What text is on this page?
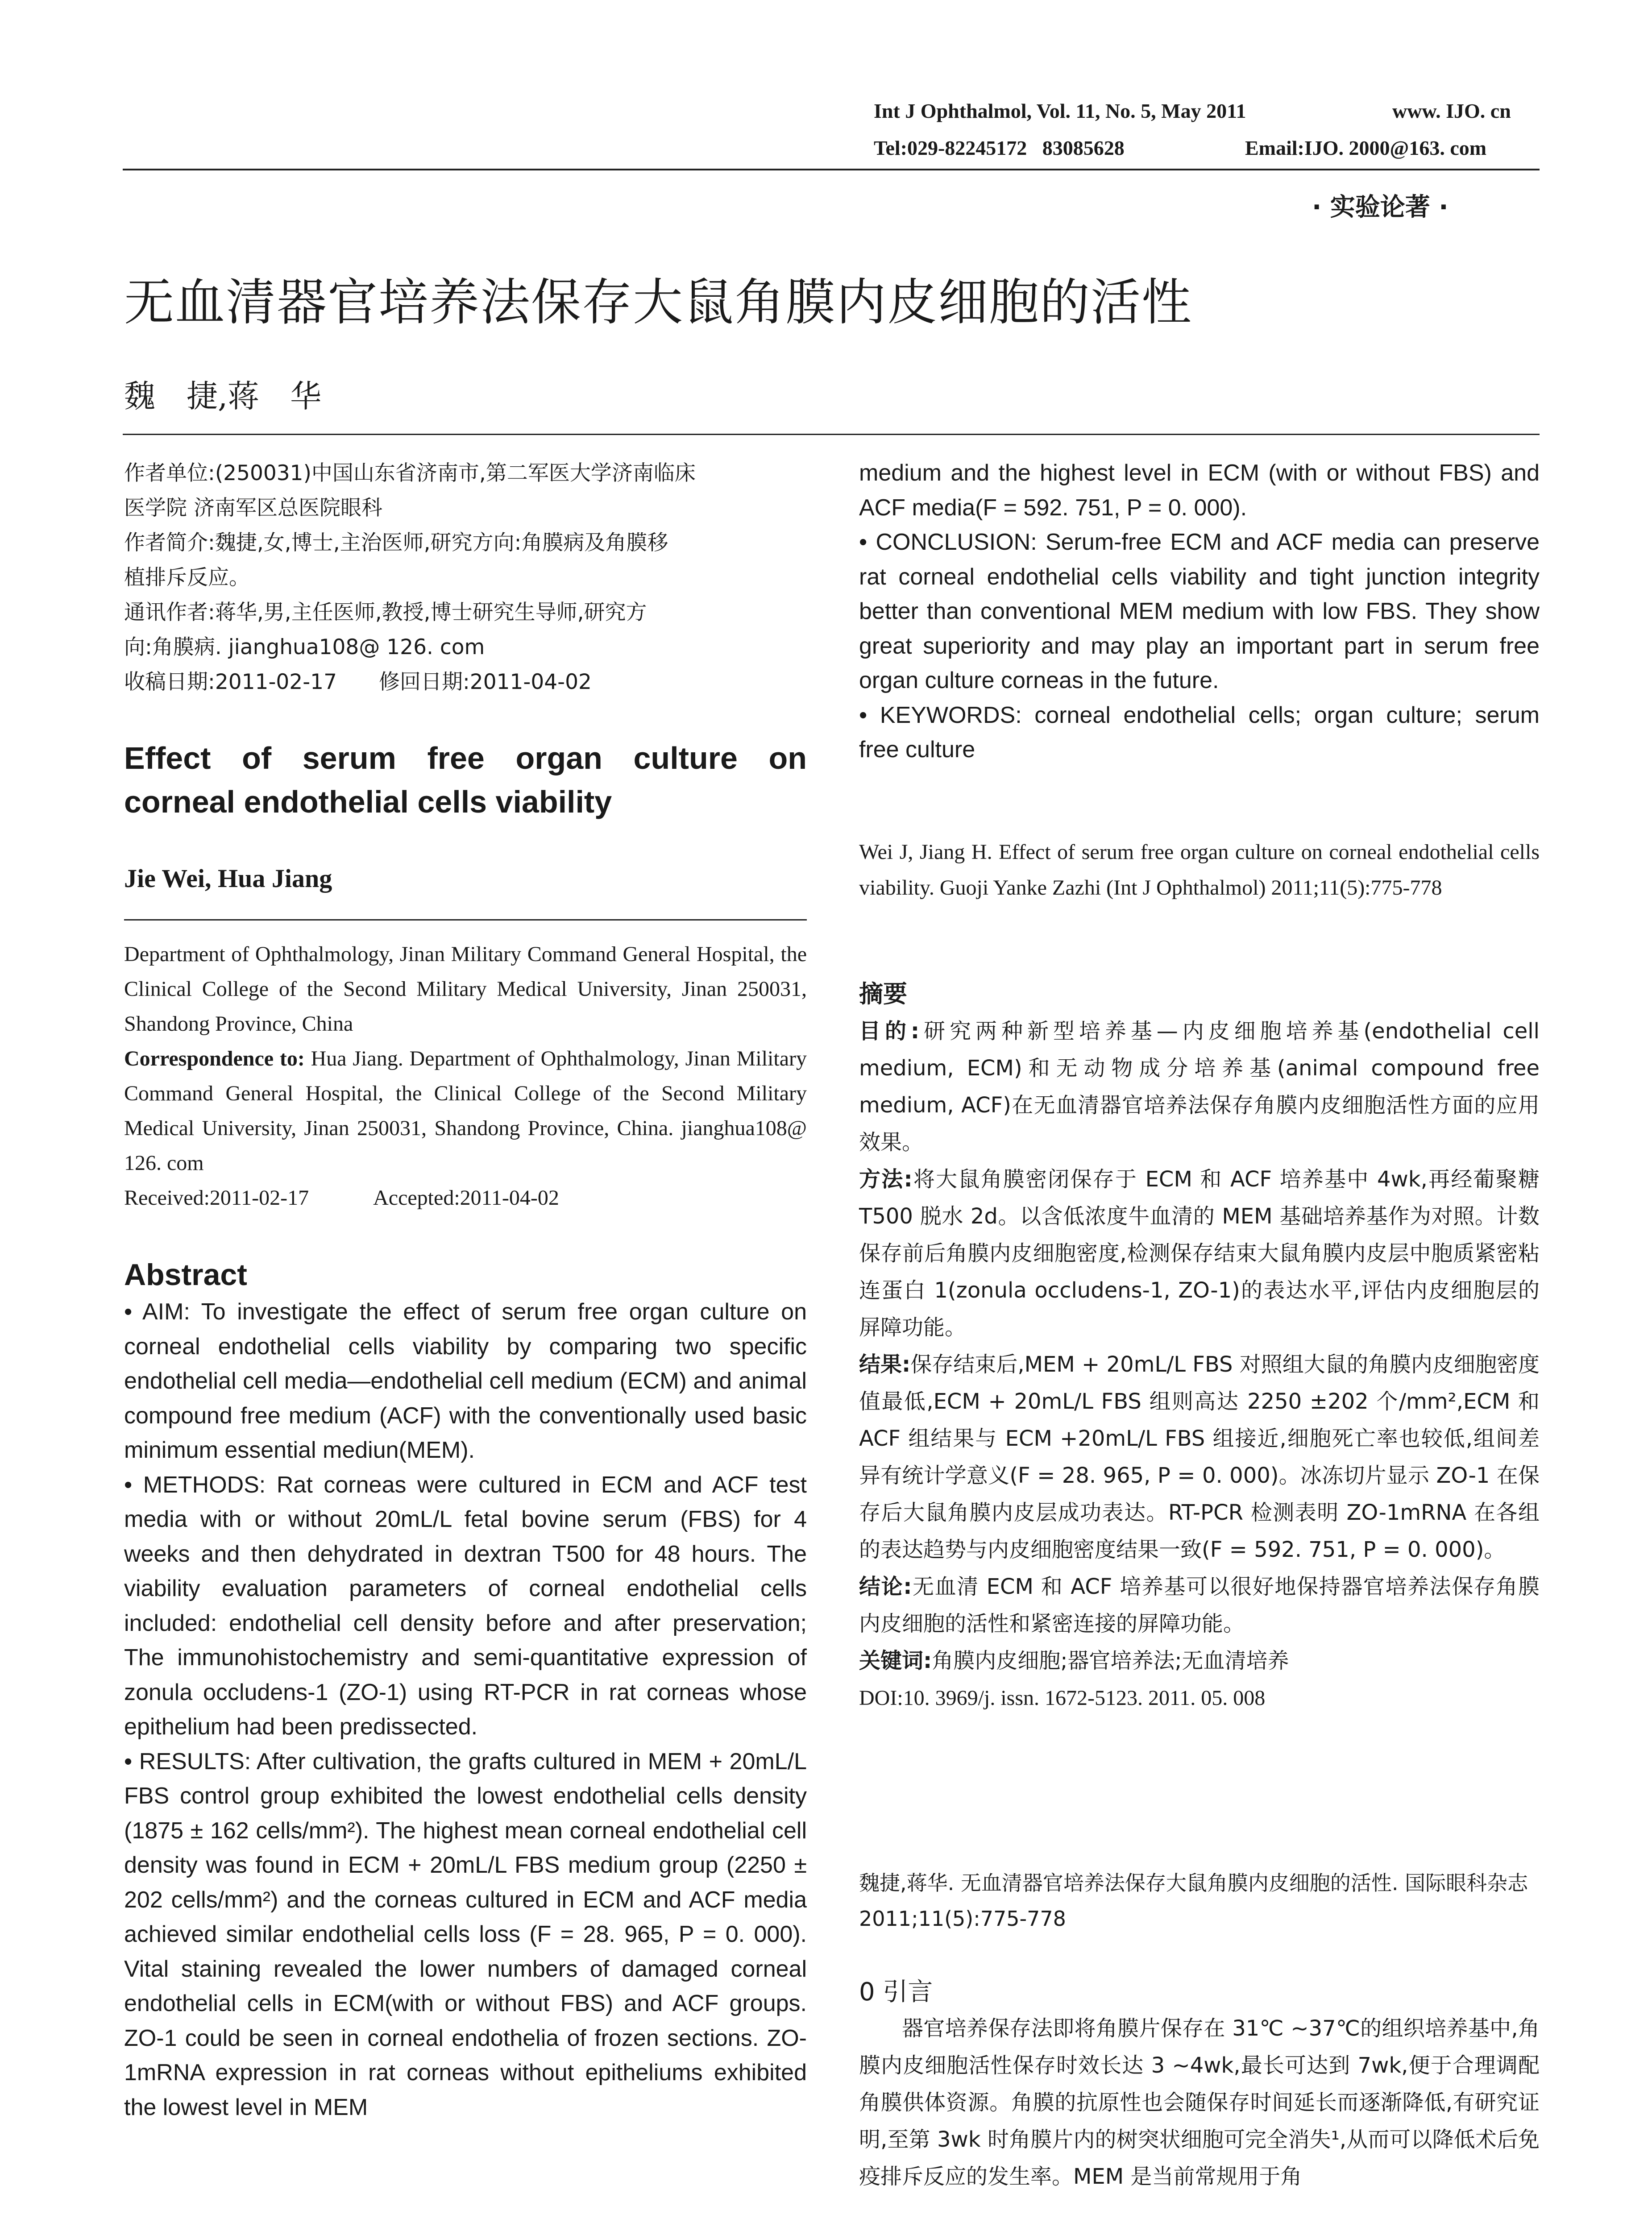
Int J Ophthalmol, Vol. 11, No. 5, May 2011	www. IJO. cn
Tel:029-82245172   83085628	Email:IJO. 2000@163. com
· 实验论著 ·
无血清器官培养法保存大鼠角膜内皮细胞的活性
魏　捷,蒋　华

作者单位:(250031)中国山东省济南市,第二军医大学济南临床

医学院 济南军区总医院眼科

作者简介:魏捷,女,博士,主治医师,研究方向:角膜病及角膜移

植排斥反应。

通讯作者:蒋华,男,主任医师,教授,博士研究生导师,研究方

向:角膜病. jianghua108@ 126. com

收稿日期:2011-02-17　　修回日期:2011-04-02

Effect of serum free organ culture on

corneal endothelial cells viability

Jie Wei, Hua Jiang

Department of Ophthalmology, Jinan Military Command General Hospital, the Clinical College of the Second Military Medical University, Jinan 250031, Shandong Province, China

Correspondence to: Hua Jiang. Department of Ophthalmology, Jinan Military Command General Hospital, the Clinical College of the Second Military Medical University, Jinan 250031, Shandong Province, China. jianghua108@ 126. com

Received:2011-02-17　　　Accepted:2011-04-02

Abstract

• AIM: To investigate the effect of serum free organ culture on corneal endothelial cells viability by comparing two specific endothelial cell media—endothelial cell medium (ECM) and animal compound free medium (ACF) with the conventionally used basic minimum essential mediun(MEM).

• METHODS: Rat corneas were cultured in ECM and ACF test media with or without 20mL/L fetal bovine serum (FBS) for 4 weeks and then dehydrated in dextran T500 for 48 hours. The viability evaluation parameters of corneal endothelial cells included: endothelial cell density before and after preservation; The immunohistochemistry and semi-quantitative expression of zonula occludens-1 (ZO-1) using RT-PCR in rat corneas whose epithelium had been predissected.

• RESULTS: After cultivation, the grafts cultured in MEM + 20mL/L FBS control group exhibited the lowest endothelial cells density (1875 ± 162 cells/mm²). The highest mean corneal endothelial cell density was found in ECM + 20mL/L FBS medium group (2250 ± 202 cells/mm²) and the corneas cultured in ECM and ACF media achieved similar endothelial cells loss (F = 28. 965, P = 0. 000). Vital staining revealed the lower numbers of damaged corneal endothelial cells in ECM(with or without FBS) and ACF groups. ZO-1 could be seen in corneal endothelia of frozen sections. ZO-1mRNA expression in rat corneas without epitheliums exhibited the lowest level in MEM

medium and the highest level in ECM (with or without FBS) and ACF media(F = 592. 751, P = 0. 000).

• CONCLUSION: Serum-free ECM and ACF media can preserve rat corneal endothelial cells viability and tight junction integrity better than conventional MEM medium with low FBS. They show great superiority and may play an important part in serum free organ culture corneas in the future.

• KEYWORDS: corneal endothelial cells; organ culture; serum free culture

Wei J, Jiang H. Effect of serum free organ culture on corneal endothelial cells viability. Guoji Yanke Zazhi (Int J Ophthalmol) 2011;11(5):775-778
摘要

目的:研究两种新型培养基—内皮细胞培养基(endothelial cell medium, ECM)和无动物成分培养基(animal compound free medium, ACF)在无血清器官培养法保存角膜内皮细胞活性方面的应用效果。

方法:将大鼠角膜密闭保存于 ECM 和 ACF 培养基中 4wk,再经葡聚糖 T500 脱水 2d。以含低浓度牛血清的 MEM 基础培养基作为对照。计数保存前后角膜内皮细胞密度,检测保存结束大鼠角膜内皮层中胞质紧密粘连蛋白 1(zonula occludens-1, ZO-1)的表达水平,评估内皮细胞层的屏障功能。

结果:保存结束后,MEM + 20mL/L FBS 对照组大鼠的角膜内皮细胞密度值最低,ECM + 20mL/L FBS 组则高达 2250 ±202 个/mm²,ECM 和 ACF 组结果与 ECM +20mL/L FBS 组接近,细胞死亡率也较低,组间差异有统计学意义(F = 28. 965, P = 0. 000)。冰冻切片显示 ZO-1 在保存后大鼠角膜内皮层成功表达。RT-PCR 检测表明 ZO-1mRNA 在各组的表达趋势与内皮细胞密度结果一致(F = 592. 751, P = 0. 000)。

结论:无血清 ECM 和 ACF 培养基可以很好地保持器官培养法保存角膜内皮细胞的活性和紧密连接的屏障功能。

关键词:角膜内皮细胞;器官培养法;无血清培养

DOI:10. 3969/j. issn. 1672-5123. 2011. 05. 008

魏捷,蒋华. 无血清器官培养法保存大鼠角膜内皮细胞的活性. 国际眼科杂志 2011;11(5):775-778
0 引言
器官培养保存法即将角膜片保存在 31℃ ~37℃的组织培养基中,角膜内皮细胞活性保存时效长达 3 ~4wk,最长可达到 7wk,便于合理调配角膜供体资源。角膜的抗原性也会随保存时间延长而逐渐降低,有研究证明,至第 3wk 时角膜片内的树突状细胞可完全消失¹,从而可以降低术后免疫排斥反应的发生率。MEM 是当前常规用于角
